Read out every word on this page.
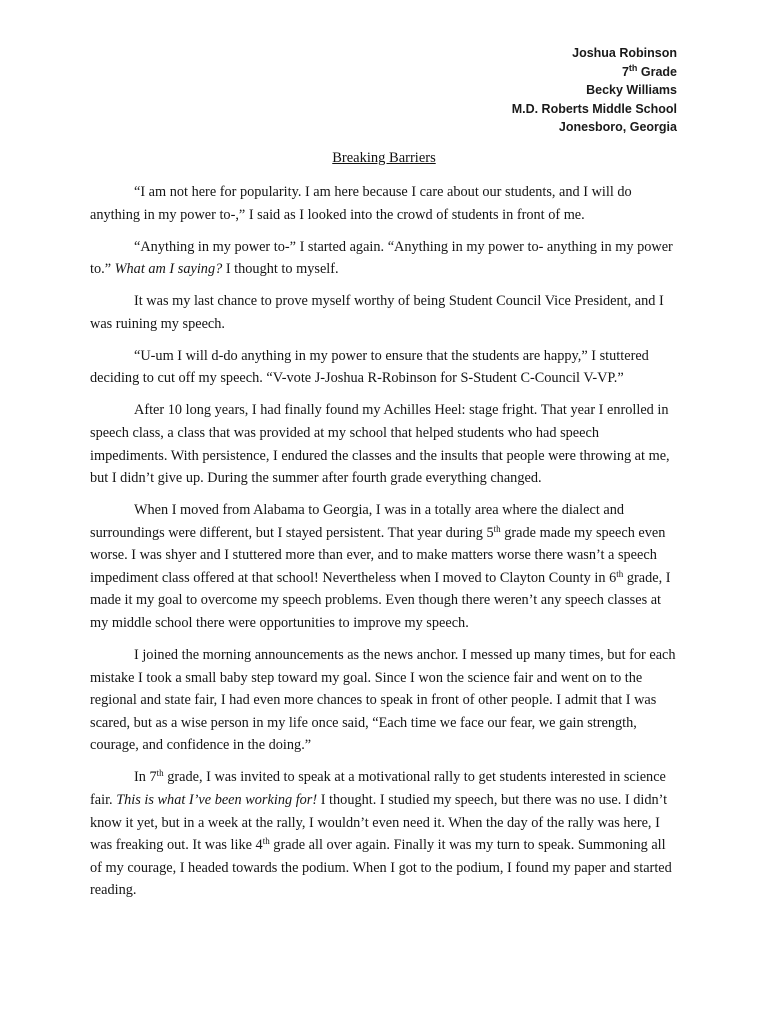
Joshua Robinson
7th Grade
Becky Williams
M.D. Roberts Middle School
Jonesboro, Georgia
Breaking Barriers

“I am not here for popularity. I am here because I care about our students, and I will do anything in my power to-,” I said as I looked into the crowd of students in front of me.

“Anything in my power to-” I started again. “Anything in my power to- anything in my power to.” What am I saying? I thought to myself.

It was my last chance to prove myself worthy of being Student Council Vice President, and I was ruining my speech.

“U-um I will d-do anything in my power to ensure that the students are happy,” I stuttered deciding to cut off my speech. “V-vote J-Joshua R-Robinson for S-Student C-Council V-VP.”

After 10 long years, I had finally found my Achilles Heel: stage fright. That year I enrolled in speech class, a class that was provided at my school that helped students who had speech impediments. With persistence, I endured the classes and the insults that people were throwing at me, but I didn’t give up. During the summer after fourth grade everything changed.

When I moved from Alabama to Georgia, I was in a totally area where the dialect and surroundings were different, but I stayed persistent. That year during 5th grade made my speech even worse. I was shyer and I stuttered more than ever, and to make matters worse there wasn’t a speech impediment class offered at that school! Nevertheless when I moved to Clayton County in 6th grade, I made it my goal to overcome my speech problems. Even though there weren’t any speech classes at my middle school there were opportunities to improve my speech.

I joined the morning announcements as the news anchor. I messed up many times, but for each mistake I took a small baby step toward my goal. Since I won the science fair and went on to the regional and state fair, I had even more chances to speak in front of other people. I admit that I was scared, but as a wise person in my life once said, “Each time we face our fear, we gain strength, courage, and confidence in the doing.”

In 7th grade, I was invited to speak at a motivational rally to get students interested in science fair. This is what I’ve been working for! I thought. I studied my speech, but there was no use. I didn’t know it yet, but in a week at the rally, I wouldn’t even need it. When the day of the rally was here, I was freaking out. It was like 4th grade all over again. Finally it was my turn to speak. Summoning all of my courage, I headed towards the podium. When I got to the podium, I found my paper and started reading.
